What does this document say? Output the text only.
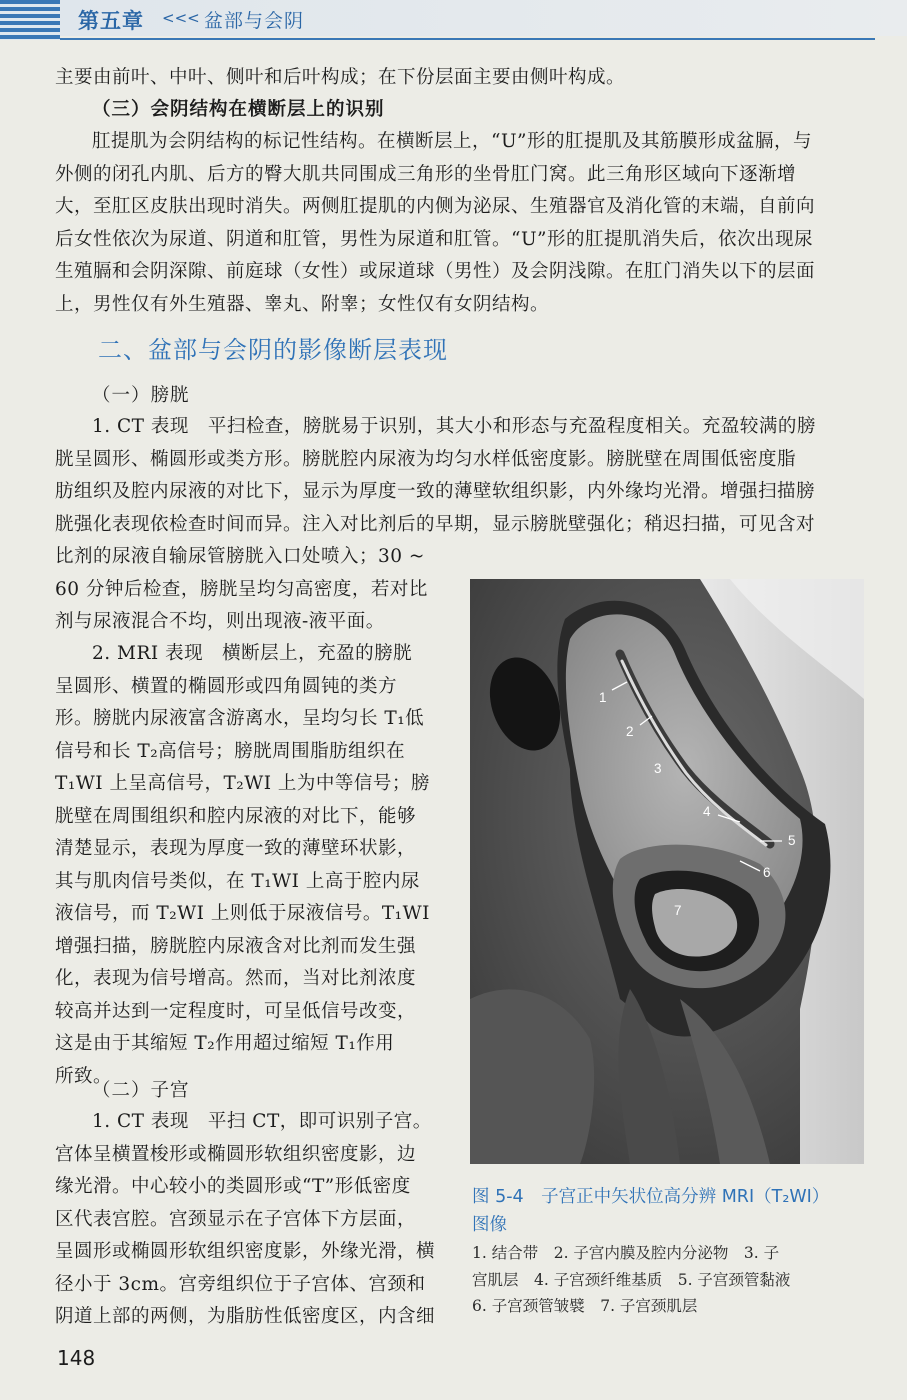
第五章 <<< 盆部与会阴
主要由前叶、中叶、侧叶和后叶构成；在下份层面主要由侧叶构成。
（三）会阴结构在横断层上的识别
肛提肌为会阴结构的标记性结构。在横断层上，“U”形的肛提肌及其筋膜形成盆膈，与
外侧的闭孔内肌、后方的臀大肌共同围成三角形的坐骨肛门窝。此三角形区域向下逐渐增
大，至肛区皮肤出现时消失。两侧肛提肌的内侧为泌尿、生殖器官及消化管的末端，自前向
后女性依次为尿道、阴道和肛管，男性为尿道和肛管。“U”形的肛提肌消失后，依次出现尿
生殖膈和会阴深隙、前庭球（女性）或尿道球（男性）及会阴浅隙。在肛门消失以下的层面
上，男性仅有外生殖器、睾丸、附睾；女性仅有女阴结构。
二、盆部与会阴的影像断层表现
（一）膀胱
1. CT 表现　平扫检查，膀胱易于识别，其大小和形态与充盈程度相关。充盈较满的膀
胱呈圆形、椭圆形或类方形。膀胱腔内尿液为均匀水样低密度影。膀胱壁在周围低密度脂
肪组织及腔内尿液的对比下，显示为厚度一致的薄壁软组织影，内外缘均光滑。增强扫描膀
胱强化表现依检查时间而异。注入对比剂后的早期，显示膀胱壁强化；稍迟扫描，可见含对
比剂的尿液自输尿管膀胱入口处喷入；30 ~
60 分钟后检查，膀胱呈均匀高密度，若对比
剂与尿液混合不均，则出现液-液平面。
2. MRI 表现　横断层上，充盈的膀胱
呈圆形、横置的椭圆形或四角圆钝的类方
形。膀胱内尿液富含游离水，呈均匀长 T₁低
信号和长 T₂高信号；膀胱周围脂肪组织在
T₁WI 上呈高信号，T₂WI 上为中等信号；膀
胱壁在周围组织和腔内尿液的对比下，能够
清楚显示，表现为厚度一致的薄壁环状影，
其与肌肉信号类似，在 T₁WI 上高于腔内尿
液信号，而 T₂WI 上则低于尿液信号。T₁WI
增强扫描，膀胱腔内尿液含对比剂而发生强
化，表现为信号增高。然而，当对比剂浓度
较高并达到一定程度时，可呈低信号改变，
这是由于其缩短 T₂作用超过缩短 T₁作用
所致。
（二）子宫
1. CT 表现　平扫 CT，即可识别子宫。
宫体呈横置梭形或椭圆形软组织密度影，边
缘光滑。中心较小的类圆形或“T”形低密度
区代表宫腔。宫颈显示在子宫体下方层面，
呈圆形或椭圆形软组织密度影，外缘光滑，横
径小于 3cm。宫旁组织位于子宫体、宫颈和
阴道上部的两侧，为脂肪性低密度区，内含细
1
2
3
4
5
6
7
图 5-4　子宫正中矢状位高分辨 MRI（T₂WI）
图像
1. 结合带　2. 子宫内膜及腔内分泌物　3. 子
宫肌层　4. 子宫颈纤维基质　5. 子宫颈管黏液
6. 子宫颈管皱襞　7. 子宫颈肌层
148
